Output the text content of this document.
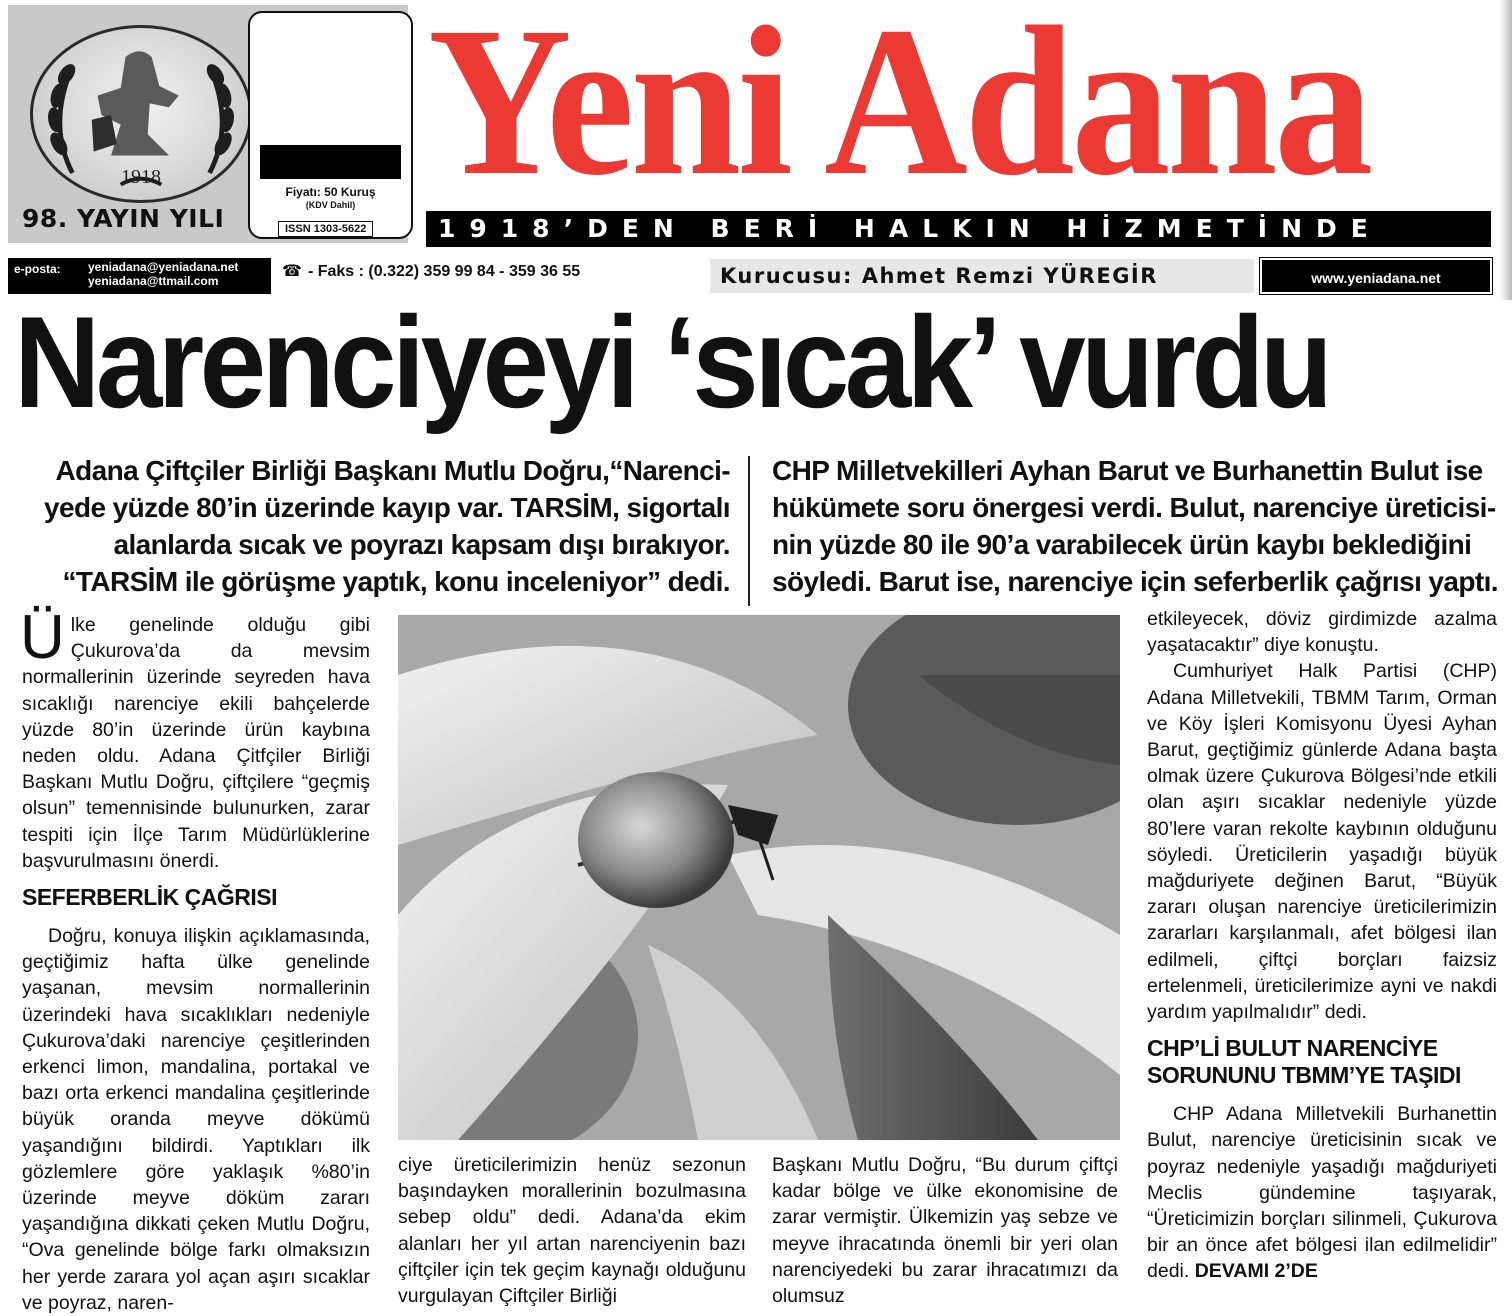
1918
98. YAYIN YILI
Fiyatı: 50 Kuruş
(KDV Dahil)
ISSN 1303-5622
Yeni Adana
1918’DEN BERİ HALKIN HİZMETİNDE
e-posta: yeniadana@yeniadana.net
yeniadana@ttmail.com
☎ - Faks : (0.322) 359 99 84 - 359 36 55	Kurucusu: Ahmet Remzi YÜREGİR	www.yeniadana.net
Narenciyeyi ‘sıcak’ vurdu
Adana Çiftçiler Birliği Başkanı Mutlu Doğru,“Narenci-yede yüzde 80’in üzerinde kayıp var. TARSİM, sigortalı alanlarda sıcak ve poyrazı kapsam dışı bırakıyor. “TARSİM ile görüşme yaptık, konu inceleniyor” dedi.
CHP Milletvekilleri Ayhan Barut ve Burhanettin Bulut ise hükümete soru önergesi verdi. Bulut, narenciye üreticisi-nin yüzde 80 ile 90’a varabilecek ürün kaybı beklediğini söyledi. Barut ise, narenciye için seferberlik çağrısı yaptı.

Ülke genelinde olduğu gibi Çukurova’da da mevsim normallerinin üzerinde seyreden hava sıcaklığı narenciye ekili bahçelerde yüzde 80’in üzerinde ürün kaybına neden oldu. Adana Çitfçiler Birliği Başkanı Mutlu Doğru, çiftçilere “geçmiş olsun” temennisinde bulunurken, zarar tespiti için İlçe Tarım Müdürlüklerine başvurulmasını önerdi.

SEFERBERLİK ÇAĞRISI

Doğru, konuya ilişkin açıklamasında, geçtiğimiz hafta ülke genelinde yaşanan, mevsim normallerinin üzerindeki hava sıcaklıkları nedeniyle Çukurova’daki narenciye çeşitlerinden erkenci limon, mandalina, portakal ve bazı orta erkenci mandalina çeşitlerinde büyük oranda meyve dökümü yaşandığını bildirdi. Yaptıkları ilk gözlemlere göre yaklaşık %80’in üzerinde meyve döküm zararı yaşandığına dikkati çeken Mutlu Doğru, “Ova genelinde bölge farkı olmaksızın her yerde zarara yol açan aşırı sıcaklar ve poyraz, naren-

ciye üreticilerimizin henüz sezonun başındayken morallerinin bozulmasına sebep oldu” dedi. Adana’da ekim alanları her yıl artan narenciyenin bazı çiftçiler için tek geçim kaynağı olduğunu vurgulayan Çiftçiler Birliği

Başkanı Mutlu Doğru, “Bu durum çiftçi kadar bölge ve ülke ekonomisine de zarar vermiştir. Ülkemizin yaş sebze ve meyve ihracatında önemli bir yeri olan narenciyedeki bu zarar ihracatımızı da olumsuz

etkileyecek, döviz girdimizde azalma yaşatacaktır” diye konuştu.

Cumhuriyet Halk Partisi (CHP) Adana Milletvekili, TBMM Tarım, Orman ve Köy İşleri Komisyonu Üyesi Ayhan Barut, geçtiğimiz günlerde Adana başta olmak üzere Çukurova Bölgesi’nde etkili olan aşırı sıcaklar nedeniyle yüzde 80’lere varan rekolte kaybının olduğunu söyledi. Üreticilerin yaşadığı büyük mağduriyete değinen Barut, “Büyük zararı oluşan narenciye üreticilerimizin zararları karşılanmalı, afet bölgesi ilan edilmeli, çiftçi borçları faizsiz ertelenmeli, üreticilerimize ayni ve nakdi yardım yapılmalıdır” dedi.

CHP’Lİ BULUT NARENCİYE SORUNUNU TBMM’YE TAŞIDI

CHP Adana Milletvekili Burhanettin Bulut, narenciye üreticisinin sıcak ve poyraz nedeniyle yaşadığı mağduriyeti Meclis gündemine taşıyarak, “Üreticimizin borçları silinmeli, Çukurova bir an önce afet bölgesi ilan edilmelidir” dedi. DEVAMI 2’DE
